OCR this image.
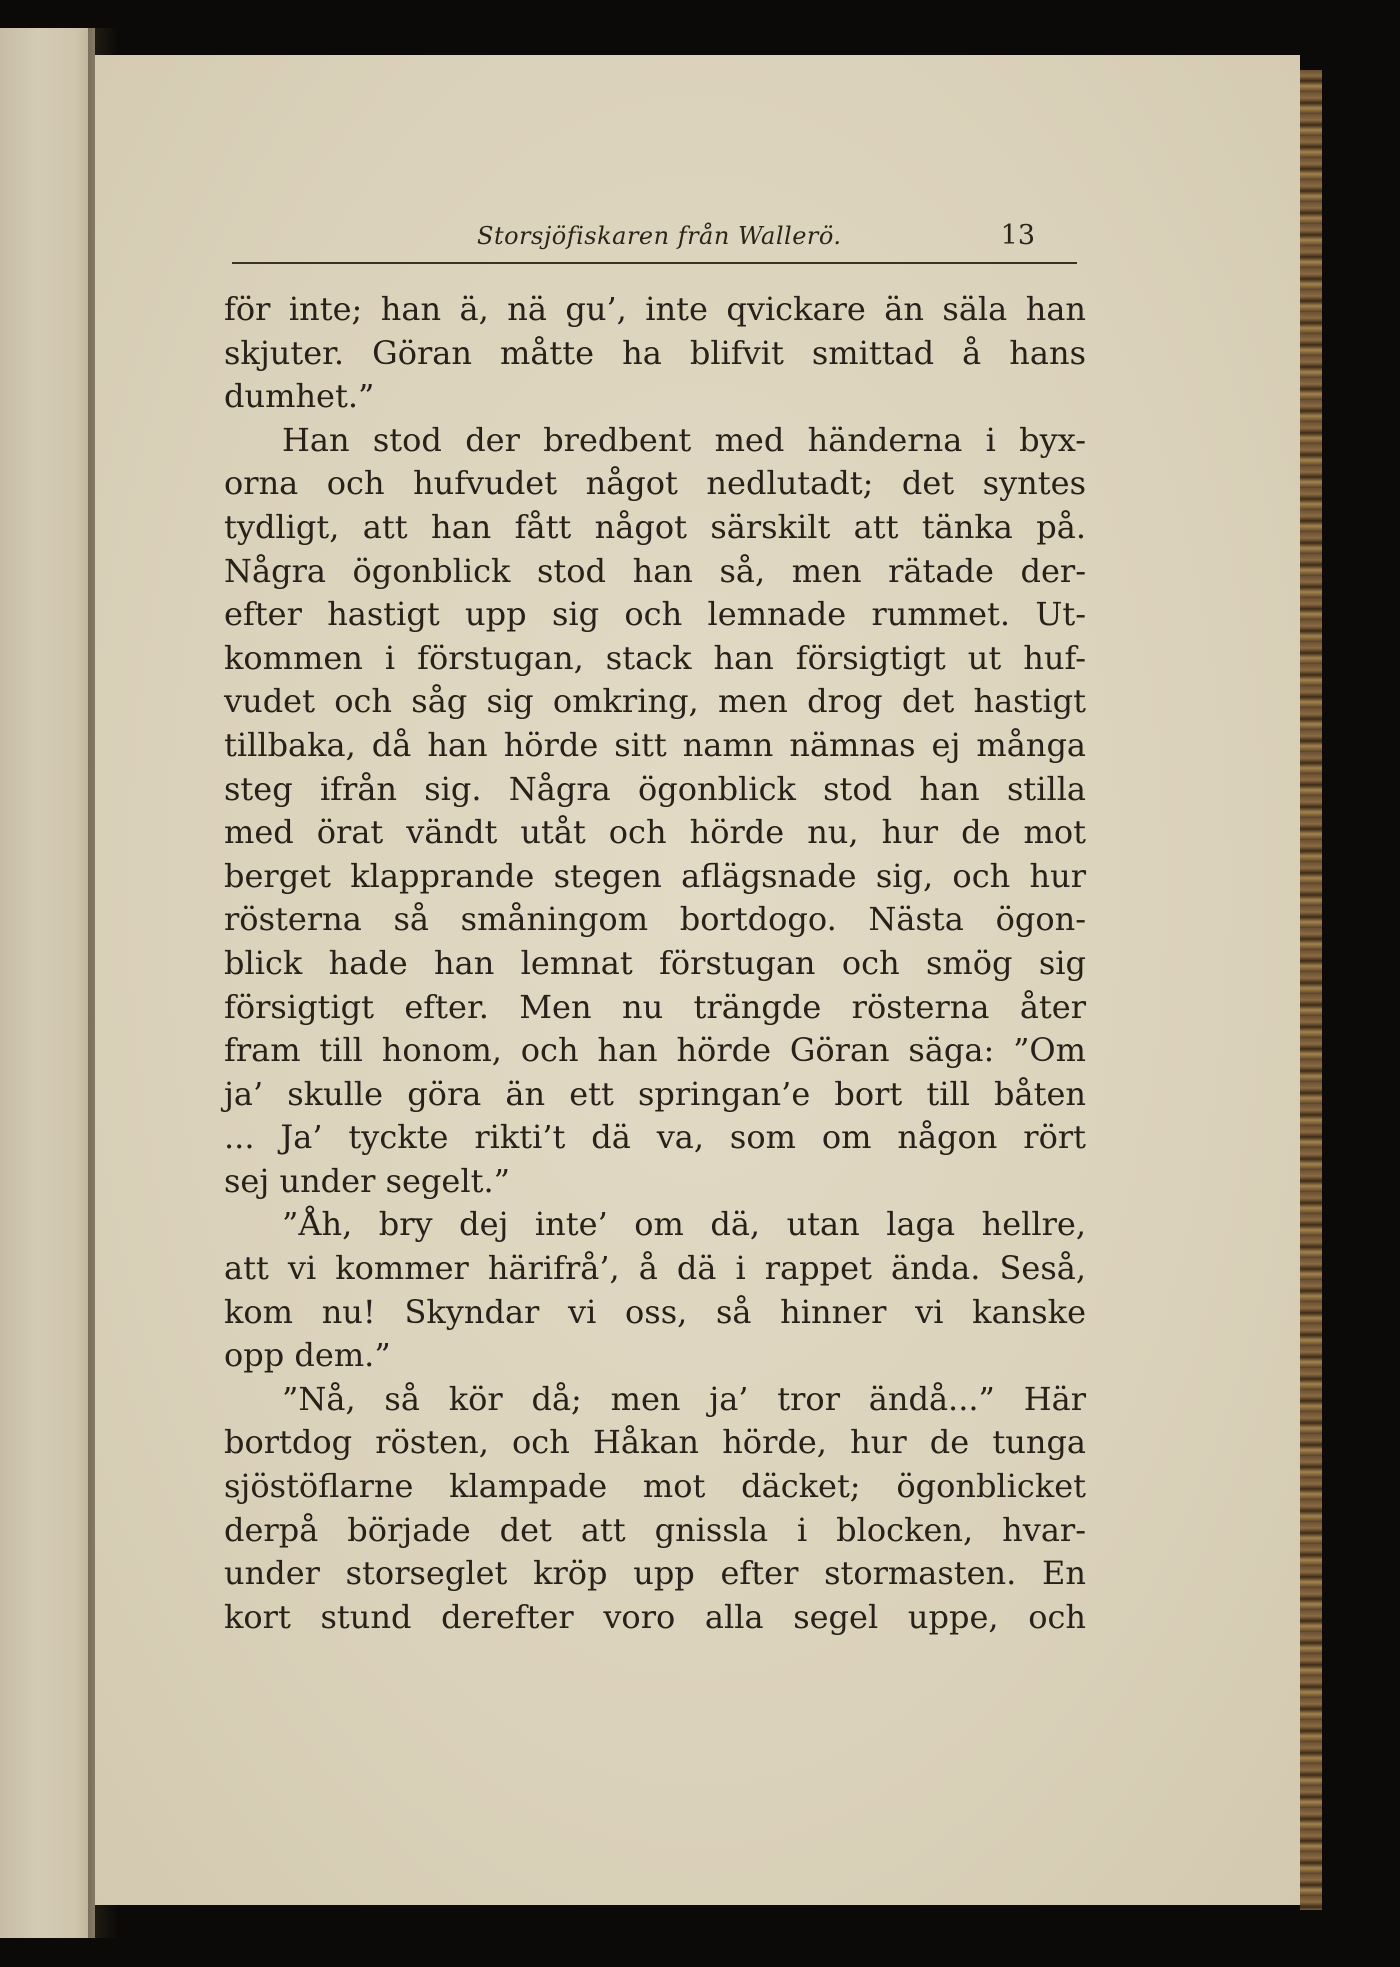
Storsjöfiskaren från Wallerö.	13
för inte; han ä, nä gu’, inte qvickare än säla han
skjuter. Göran måtte ha blifvit smittad å hans
dumhet.”
Han stod der bredbent med händerna i byx-
orna och hufvudet något nedlutadt; det syntes
tydligt, att han fått något särskilt att tänka på.
Några ögonblick stod han så, men rätade der-
efter hastigt upp sig och lemnade rummet. Ut-
kommen i förstugan, stack han försigtigt ut huf-
vudet och såg sig omkring, men drog det hastigt
tillbaka, då han hörde sitt namn nämnas ej många
steg ifrån sig. Några ögonblick stod han stilla
med örat vändt utåt och hörde nu, hur de mot
berget klapprande stegen aflägsnade sig, och hur
rösterna så småningom bortdogo. Nästa ögon-
blick hade han lemnat förstugan och smög sig
försigtigt efter. Men nu trängde rösterna åter
fram till honom, och han hörde Göran säga: ”Om
ja’ skulle göra än ett springan’e bort till båten
... Ja’ tyckte rikti’t dä va, som om någon rört
sej under segelt.”
”Åh, bry dej inte’ om dä, utan laga hellre,
att vi kommer härifrå’, å dä i rappet ända. Seså,
kom nu! Skyndar vi oss, så hinner vi kanske
opp dem.”
”Nå, så kör då; men ja’ tror ändå...” Här
bortdog rösten, och Håkan hörde, hur de tunga
sjöstöflarne klampade mot däcket; ögonblicket
derpå började det att gnissla i blocken, hvar-
under storseglet kröp upp efter stormasten. En
kort stund derefter voro alla segel uppe, och
